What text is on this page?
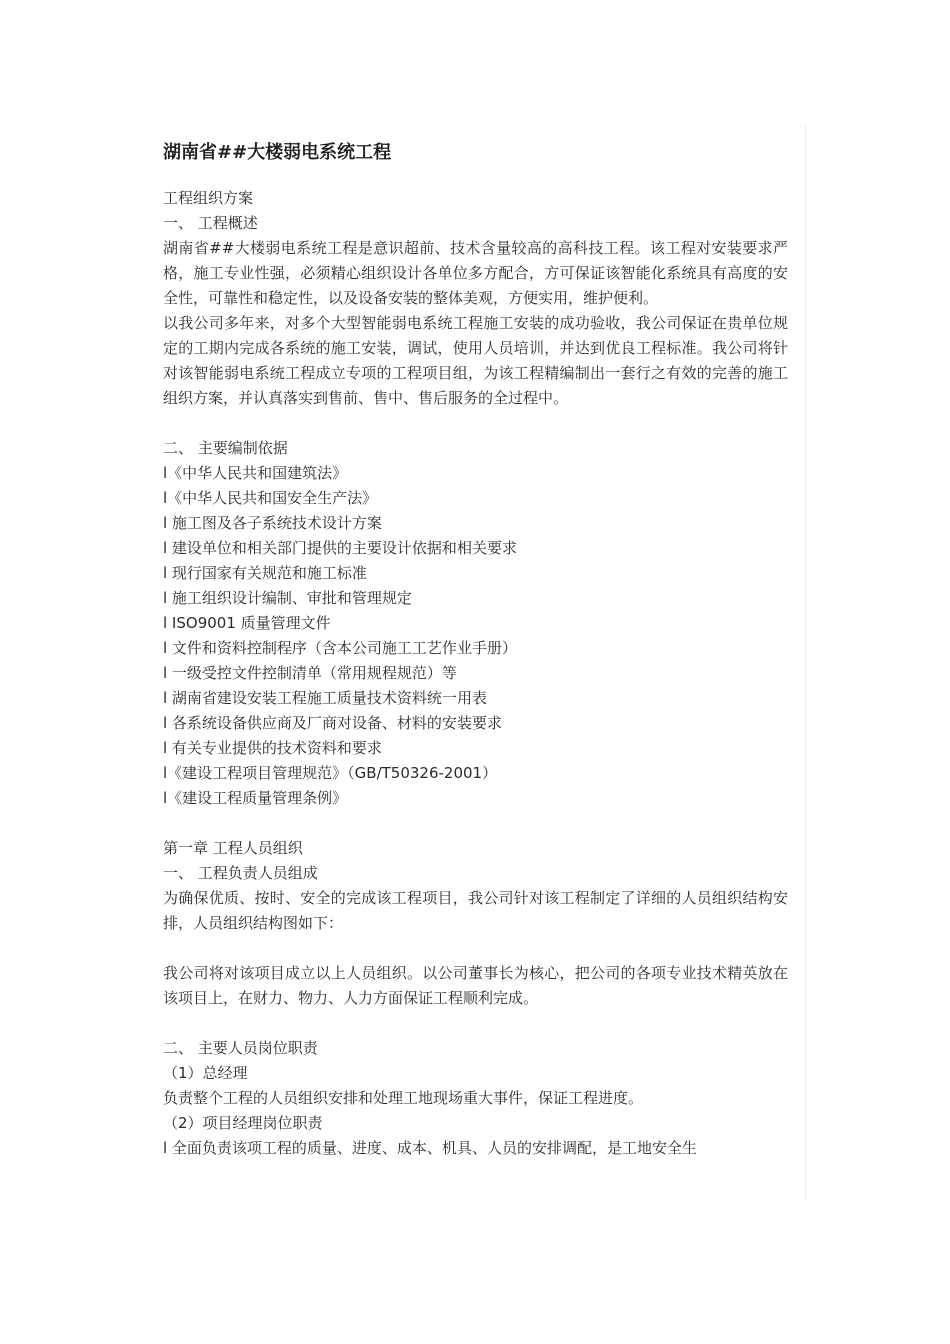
湖南省##大楼弱电系统工程
工程组织方案
一、 工程概述
湖南省##大楼弱电系统工程是意识超前、技术含量较高的高科技工程。该工程对安装要求严格，施工专业性强，必须精心组织设计各单位多方配合，方可保证该智能化系统具有高度的安全性，可靠性和稳定性，以及设备安装的整体美观，方便实用，维护便利。
以我公司多年来，对多个大型智能弱电系统工程施工安装的成功验收，我公司保证在贵单位规定的工期内完成各系统的施工安装，调试，使用人员培训，并达到优良工程标准。我公司将针对该智能弱电系统工程成立专项的工程项目组，为该工程精编制出一套行之有效的完善的施工组织方案，并认真落实到售前、售中、售后服务的全过程中。
二、 主要编制依据
l《中华人民共和国建筑法》
l《中华人民共和国安全生产法》
l 施工图及各子系统技术设计方案
l 建设单位和相关部门提供的主要设计依据和相关要求
l 现行国家有关规范和施工标准
l 施工组织设计编制、审批和管理规定
l ISO9001 质量管理文件
l 文件和资料控制程序（含本公司施工工艺作业手册）
l 一级受控文件控制清单（常用规程规范）等
l 湖南省建设安装工程施工质量技术资料统一用表
l 各系统设备供应商及厂商对设备、材料的安装要求
l 有关专业提供的技术资料和要求
l《建设工程项目管理规范》（GB/T50326-2001）
l《建设工程质量管理条例》
第一章 工程人员组织
一、 工程负责人员组成
为确保优质、按时、安全的完成该工程项目，我公司针对该工程制定了详细的人员组织结构安排，人员组织结构图如下：
我公司将对该项目成立以上人员组织。以公司董事长为核心，把公司的各项专业技术精英放在该项目上，在财力、物力、人力方面保证工程顺利完成。
二、 主要人员岗位职责
（1）总经理
负责整个工程的人员组织安排和处理工地现场重大事件，保证工程进度。
（2）项目经理岗位职责
l 全面负责该项工程的质量、进度、成本、机具、人员的安排调配，是工地安全生
